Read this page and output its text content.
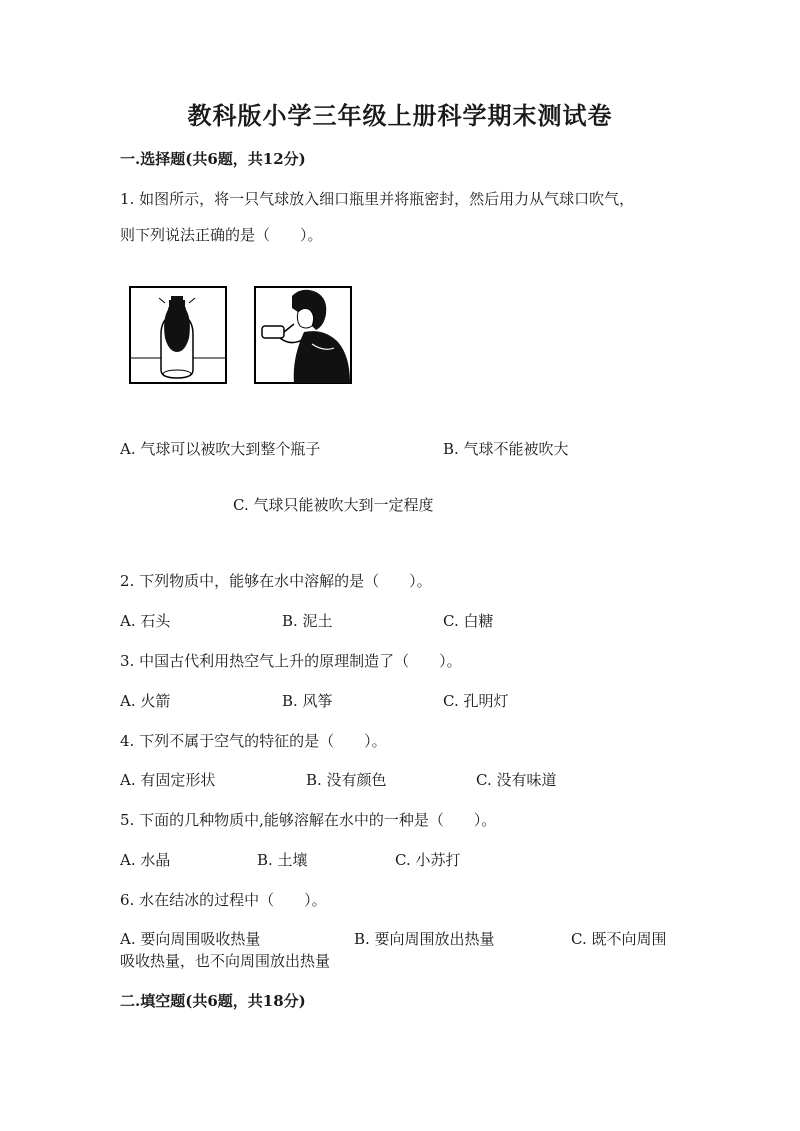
教科版小学三年级上册科学期末测试卷
一.选择题(共6题，共12分)
1. 如图所示，将一只气球放入细口瓶里并将瓶密封，然后用力从气球口吹气，
则下列说法正确的是（　　）。
A. 气球可以被吹大到整个瓶子	B. 气球不能被吹大
C. 气球只能被吹大到一定程度
2. 下列物质中，能够在水中溶解的是（　　）。
A. 石头	B. 泥土	C. 白糖
3. 中国古代利用热空气上升的原理制造了（　　）。
A. 火箭	B. 风筝	C. 孔明灯
4. 下列不属于空气的特征的是（　　）。
A. 有固定形状	B. 没有颜色	C. 没有味道
5. 下面的几种物质中,能够溶解在水中的一种是（　　）。
A. 水晶	B. 土壤	C. 小苏打
6. 水在结冰的过程中（　　）。
A. 要向周围吸收热量	B. 要向周围放出热量	C. 既不向周围

吸收热量，也不向周围放出热量
二.填空题(共6题，共18分)
